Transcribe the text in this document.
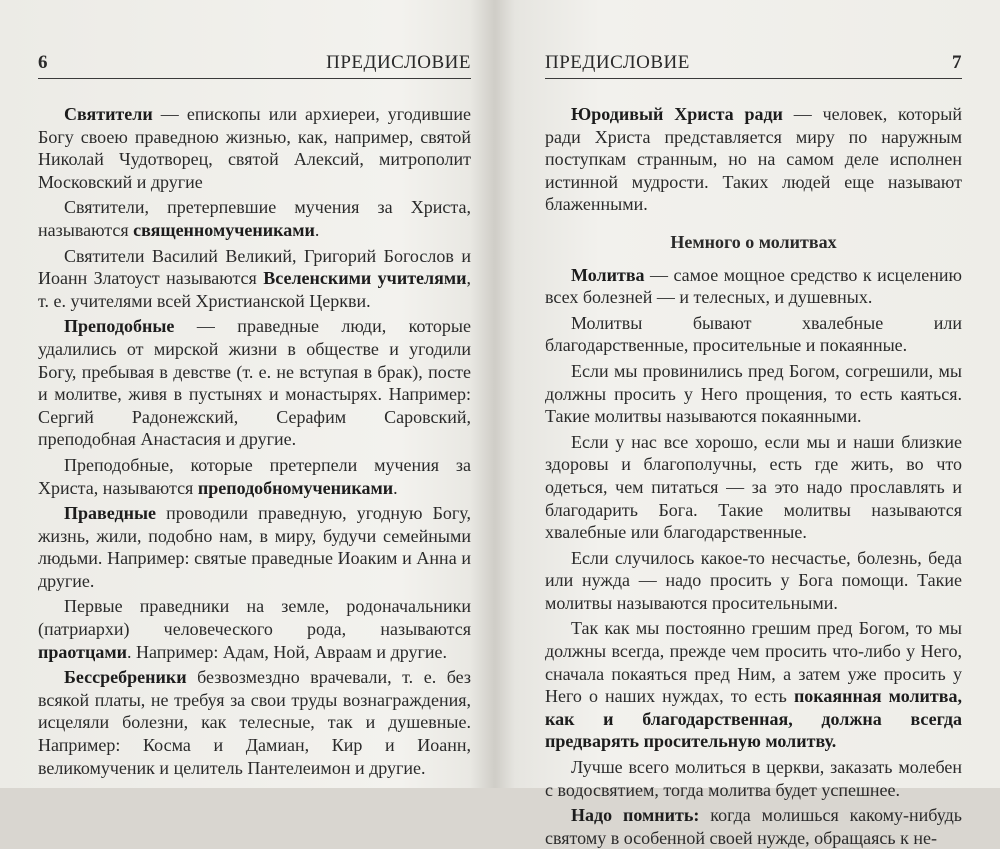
6	ПРЕДИСЛОВИЕ

Святители — епископы или архиереи, угодившие Богу своею праведною жизнью, как, например, святой Николай Чудотворец, святой Алексий, митрополит Московский и другие

Святители, претерпевшие мучения за Христа, называются священномучениками.

Святители Василий Великий, Григорий Богослов и Иоанн Златоуст называются Вселенскими учителями, т. е. учителями всей Христианской Церкви.

Преподобные — праведные люди, которые удалились от мирской жизни в обществе и угодили Богу, пребывая в девстве (т. е. не вступая в брак), посте и молитве, живя в пустынях и монастырях. Например: Сергий Радонежский, Серафим Саровский, преподобная Анастасия и другие.

Преподобные, которые претерпели мучения за Христа, называются преподобномучениками.

Праведные проводили праведную, угодную Богу, жизнь, жили, подобно нам, в миру, будучи семейными людьми. Например: святые праведные Иоаким и Анна и другие.

Первые праведники на земле, родоначальники (патриархи) человеческого рода, называются праотцами. Например: Адам, Ной, Авраам и другие.

Бессребреники безвозмездно врачевали, т. е. без всякой платы, не требуя за свои труды вознаграждения, исцеляли болезни, как телесные, так и душевные. Например: Косма и Дамиан, Кир и Иоанн, великомученик и целитель Пантелеимон и другие.

ПРЕДИСЛОВИЕ	7

Юродивый Христа ради — человек, который ради Христа представляется миру по наружным поступкам странным, но на самом деле исполнен истинной мудрости. Таких людей еще называют блаженными.

Немного о молитвах

Молитва — самое мощное средство к исцелению всех болезней — и телесных, и душевных.

Молитвы бывают хвалебные или благодарственные, просительные и покаянные.

Если мы провинились пред Богом, согрешили, мы должны просить у Него прощения, то есть каяться. Такие молитвы называются покаянными.

Если у нас все хорошо, если мы и наши близкие здоровы и благополучны, есть где жить, во что одеться, чем питаться — за это надо прославлять и благодарить Бога. Такие молитвы называются хвалебные или благодарственные.

Если случилось какое-то несчастье, болезнь, беда или нужда — надо просить у Бога помощи. Такие молитвы называются просительными.

Так как мы постоянно грешим пред Богом, то мы должны всегда, прежде чем просить что-либо у Него, сначала покаяться пред Ним, а затем уже просить у Него о наших нуждах, то есть покаянная молитва, как и благодарственная, должна всегда предварять просительную молитву.

Лучше всего молиться в церкви, заказать молебен с водосвятием, тогда молитва будет успешнее.

Надо помнить: когда молишься какому-нибудь святому в особенной своей нужде, обращаясь к не-
